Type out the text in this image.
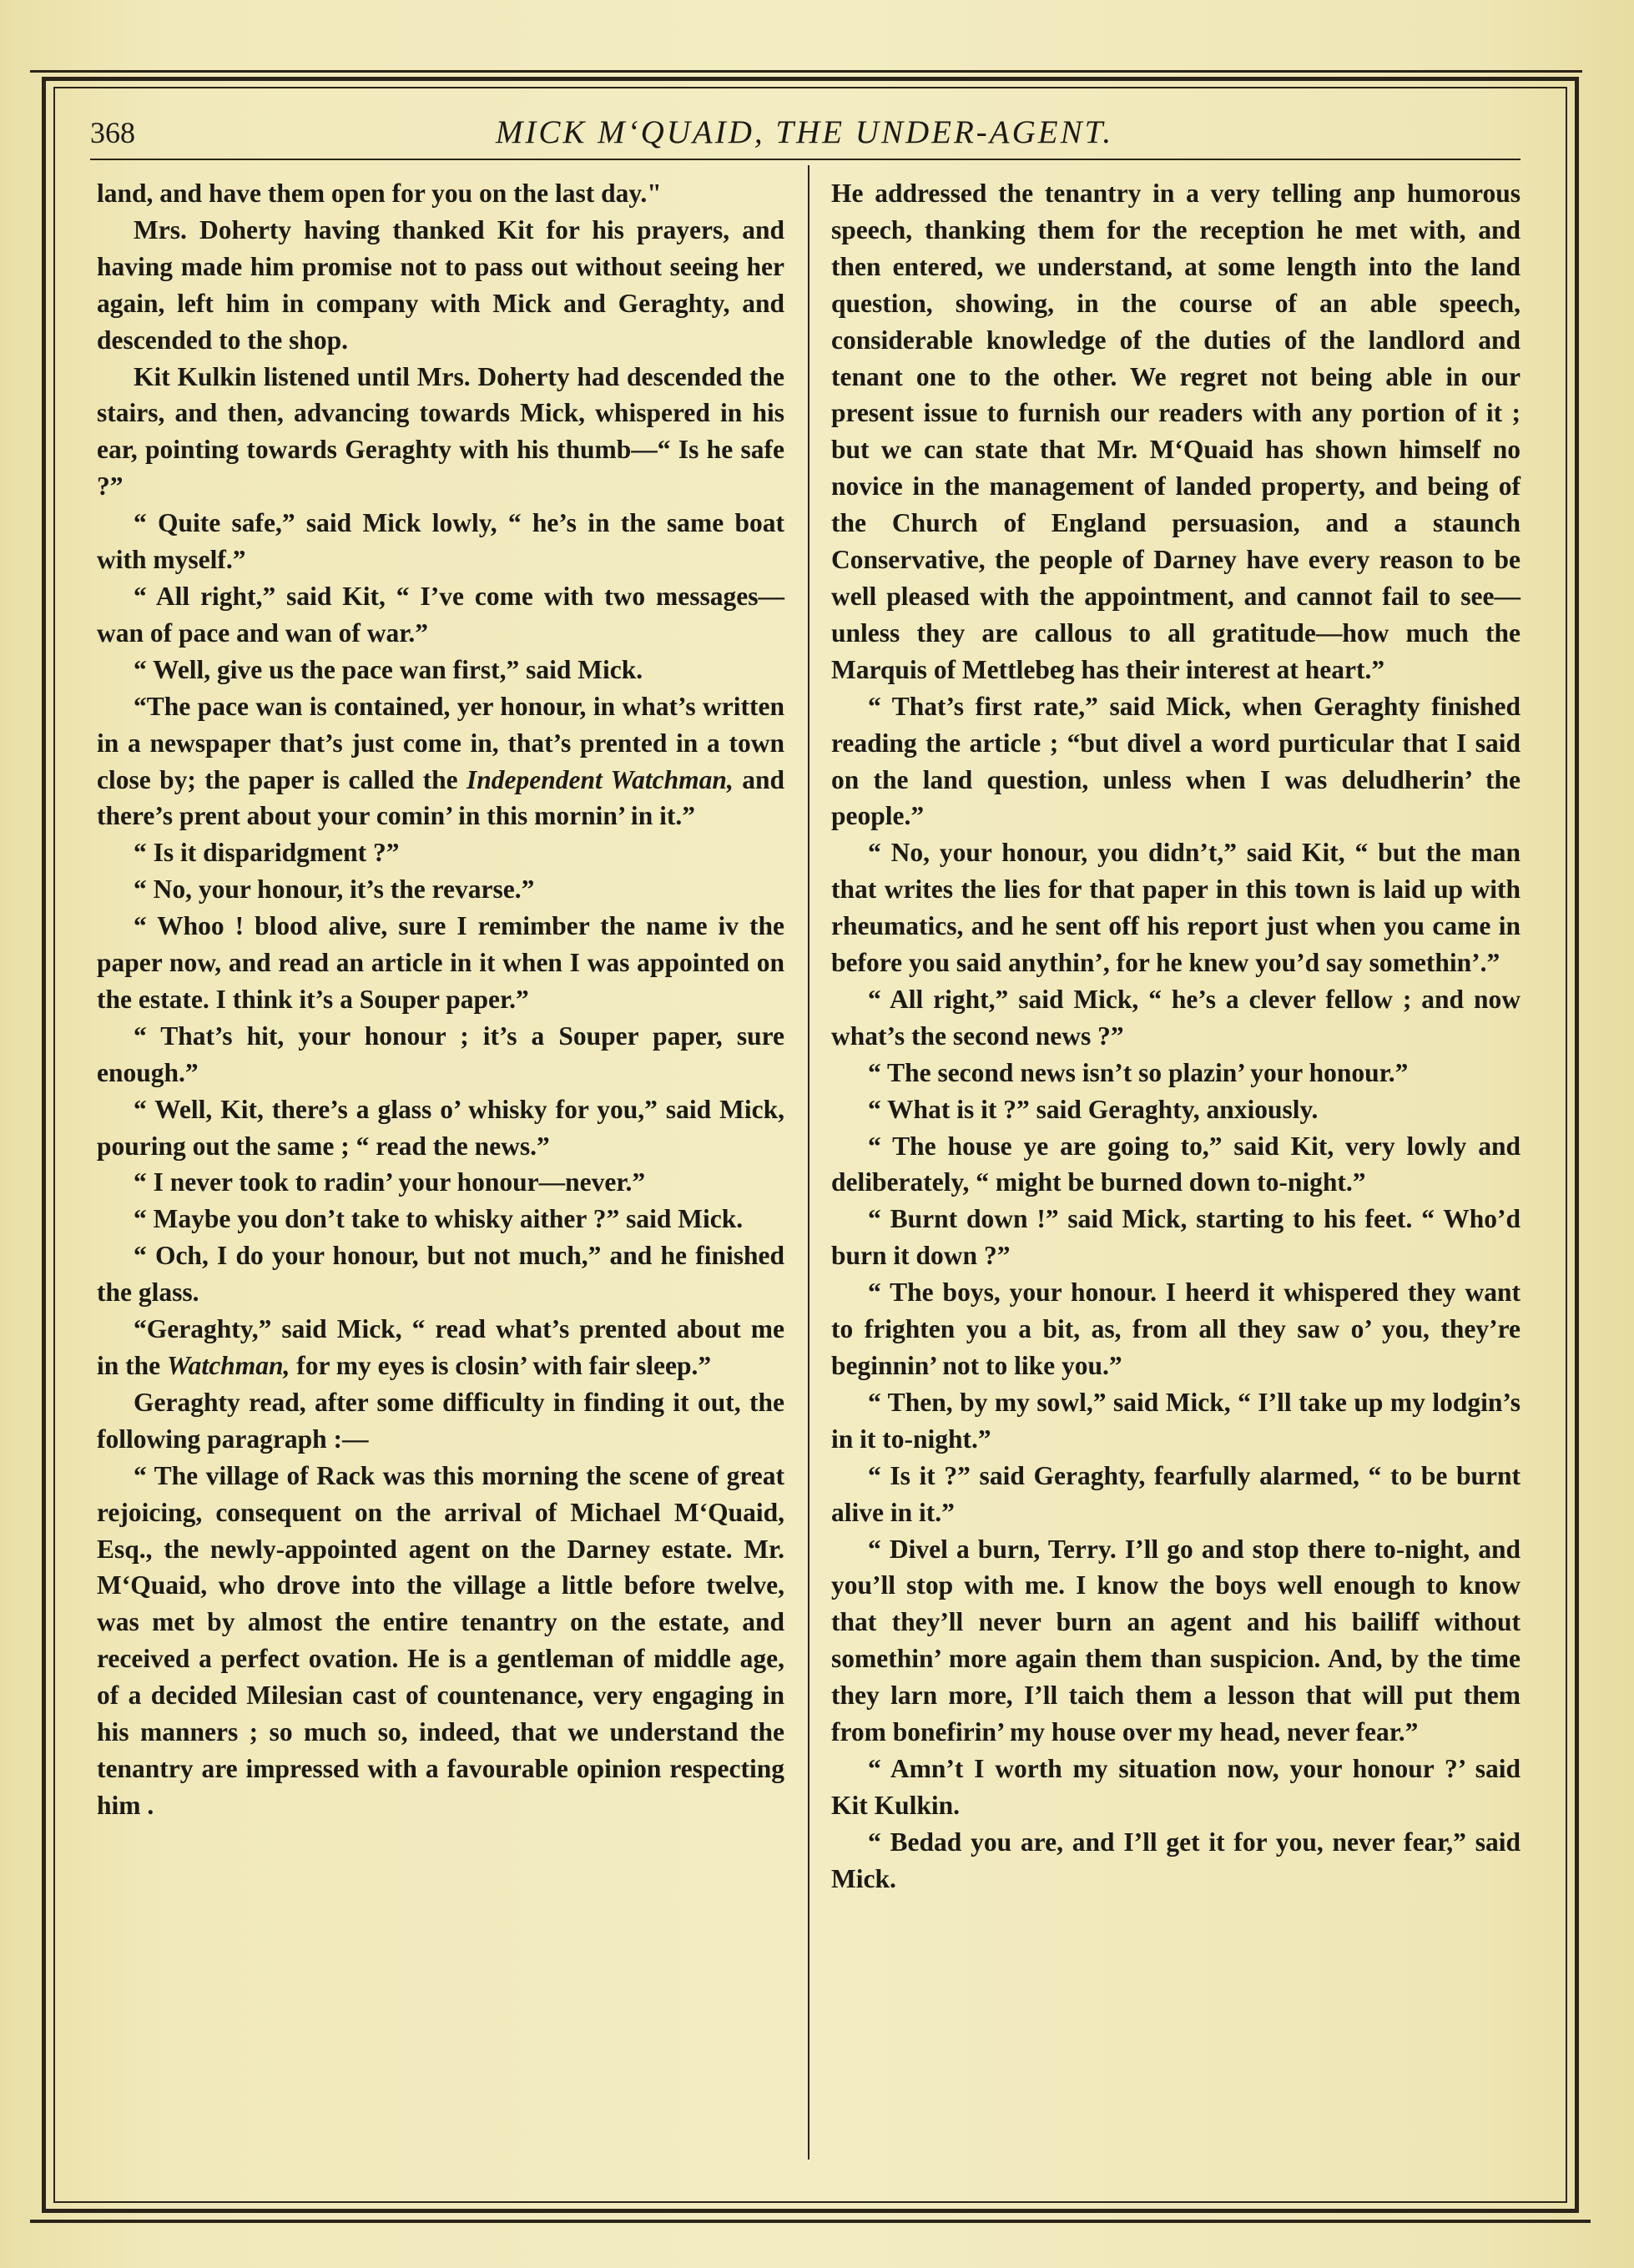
368	MICK M‘QUAID, THE UNDER-AGENT.

land, and have them open for you on the last day."

Mrs. Doherty having thanked Kit for his prayers, and having made him promise not to pass out without seeing her again, left him in company with Mick and Geraghty, and descended to the shop.

Kit Kulkin listened until Mrs. Doherty had descended the stairs, and then, advancing towards Mick, whispered in his ear, pointing towards Geraghty with his thumb—“ Is he safe ?”

“ Quite safe,” said Mick lowly, “ he’s in the same boat with myself.”

“ All right,” said Kit, “ I’ve come with two messages—wan of pace and wan of war.”

“ Well, give us the pace wan first,” said Mick.

“The pace wan is contained, yer honour, in what’s written in a newspaper that’s just come in, that’s prented in a town close by; the paper is called the Independent Watchman, and there’s prent about your comin’ in this mornin’ in it.”

“ Is it disparidgment ?”

“ No, your honour, it’s the revarse.”

“ Whoo ! blood alive, sure I remimber the name iv the paper now, and read an article in it when I was appointed on the estate. I think it’s a Souper paper.”

“ That’s hit, your honour ; it’s a Souper paper, sure enough.”

“ Well, Kit, there’s a glass o’ whisky for you,” said Mick, pouring out the same ; “ read the news.”

“ I never took to radin’ your honour—never.”

“ Maybe you don’t take to whisky aither ?” said Mick.

“ Och, I do your honour, but not much,” and he finished the glass.

“Geraghty,” said Mick, “ read what’s prented about me in the Watchman, for my eyes is closin’ with fair sleep.”

Geraghty read, after some difficulty in finding it out, the following paragraph :—

“ The village of Rack was this morning the scene of great rejoicing, consequent on the arrival of Michael M‘Quaid, Esq., the newly-appointed agent on the Darney estate. Mr. M‘Quaid, who drove into the village a little before twelve, was met by almost the entire tenantry on the estate, and received a perfect ovation. He is a gentleman of middle age, of a decided Milesian cast of countenance, very engaging in his manners ; so much so, indeed, that we understand the tenantry are impressed with a favourable opinion respecting him .

He addressed the tenantry in a very telling anp humorous speech, thanking them for the reception he met with, and then entered, we understand, at some length into the land question, showing, in the course of an able speech, considerable knowledge of the duties of the landlord and tenant one to the other. We regret not being able in our present issue to furnish our readers with any portion of it ; but we can state that Mr. M‘Quaid has shown himself no novice in the management of landed property, and being of the Church of England persuasion, and a staunch Conservative, the people of Darney have every reason to be well pleased with the appointment, and cannot fail to see—unless they are callous to all gratitude—how much the Marquis of Mettlebeg has their interest at heart.”

“ That’s first rate,” said Mick, when Geraghty finished reading the article ; “but divel a word purticular that I said on the land question, unless when I was deludherin’ the people.”

“ No, your honour, you didn’t,” said Kit, “ but the man that writes the lies for that paper in this town is laid up with rheumatics, and he sent off his report just when you came in before you said anythin’, for he knew you’d say somethin’.”

“ All right,” said Mick, “ he’s a clever fellow ; and now what’s the second news ?”

“ The second news isn’t so plazin’ your honour.”

“ What is it ?” said Geraghty, anxiously.

“ The house ye are going to,” said Kit, very lowly and deliberately, “ might be burned down to-night.”

“ Burnt down !” said Mick, starting to his feet. “ Who’d burn it down ?”

“ The boys, your honour. I heerd it whispered they want to frighten you a bit, as, from all they saw o’ you, they’re beginnin’ not to like you.”

“ Then, by my sowl,” said Mick, “ I’ll take up my lodgin’s in it to-night.”

“ Is it ?” said Geraghty, fearfully alarmed, “ to be burnt alive in it.”

“ Divel a burn, Terry. I’ll go and stop there to-night, and you’ll stop with me. I know the boys well enough to know that they’ll never burn an agent and his bailiff without somethin’ more again them than suspicion. And, by the time they larn more, I’ll taich them a lesson that will put them from bonefirin’ my house over my head, never fear.”

“ Amn’t I worth my situation now, your honour ?’ said Kit Kulkin.

“ Bedad you are, and I’ll get it for you, never fear,” said Mick.
